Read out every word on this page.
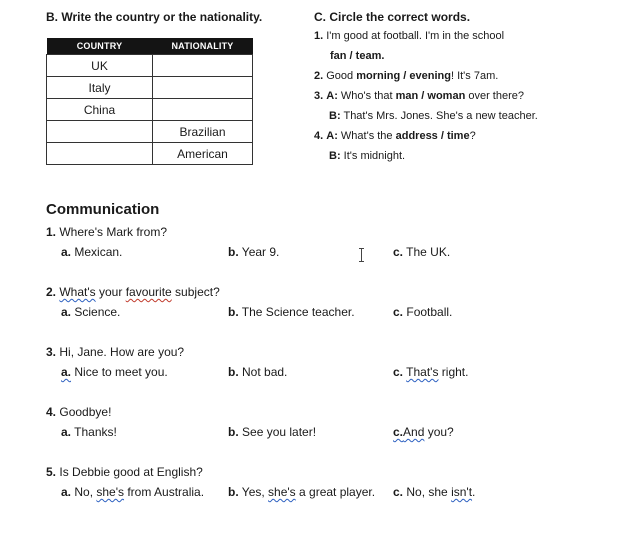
B. Write the country or the nationality.
COUNTRY	NATIONALITY
UK	
Italy	
China	
	Brazilian
	American
C. Circle the correct words.
1. I'm good at football. I'm in the school
fan / team.
2. Good morning / evening! It's 7am.
3. A: Who's that man / woman over there?
B: That's Mrs. Jones. She's a new teacher.
4. A: What's the address / time?
B: It's midnight.
Communication
1. Where's Mark from?
a. Mexican.	b. Year 9.	c. The UK.
2. What's your favourite subject?
a. Science.	b. The Science teacher.	c. Football.
3. Hi, Jane. How are you?
a. Nice to meet you.	b. Not bad.	c. That's right.
4. Goodbye!
a. Thanks!	b. See you later!	c.And you?
5. Is Debbie good at English?
a. No, she's from Australia. b. Yes, she's a great player. c. No, she isn't.
